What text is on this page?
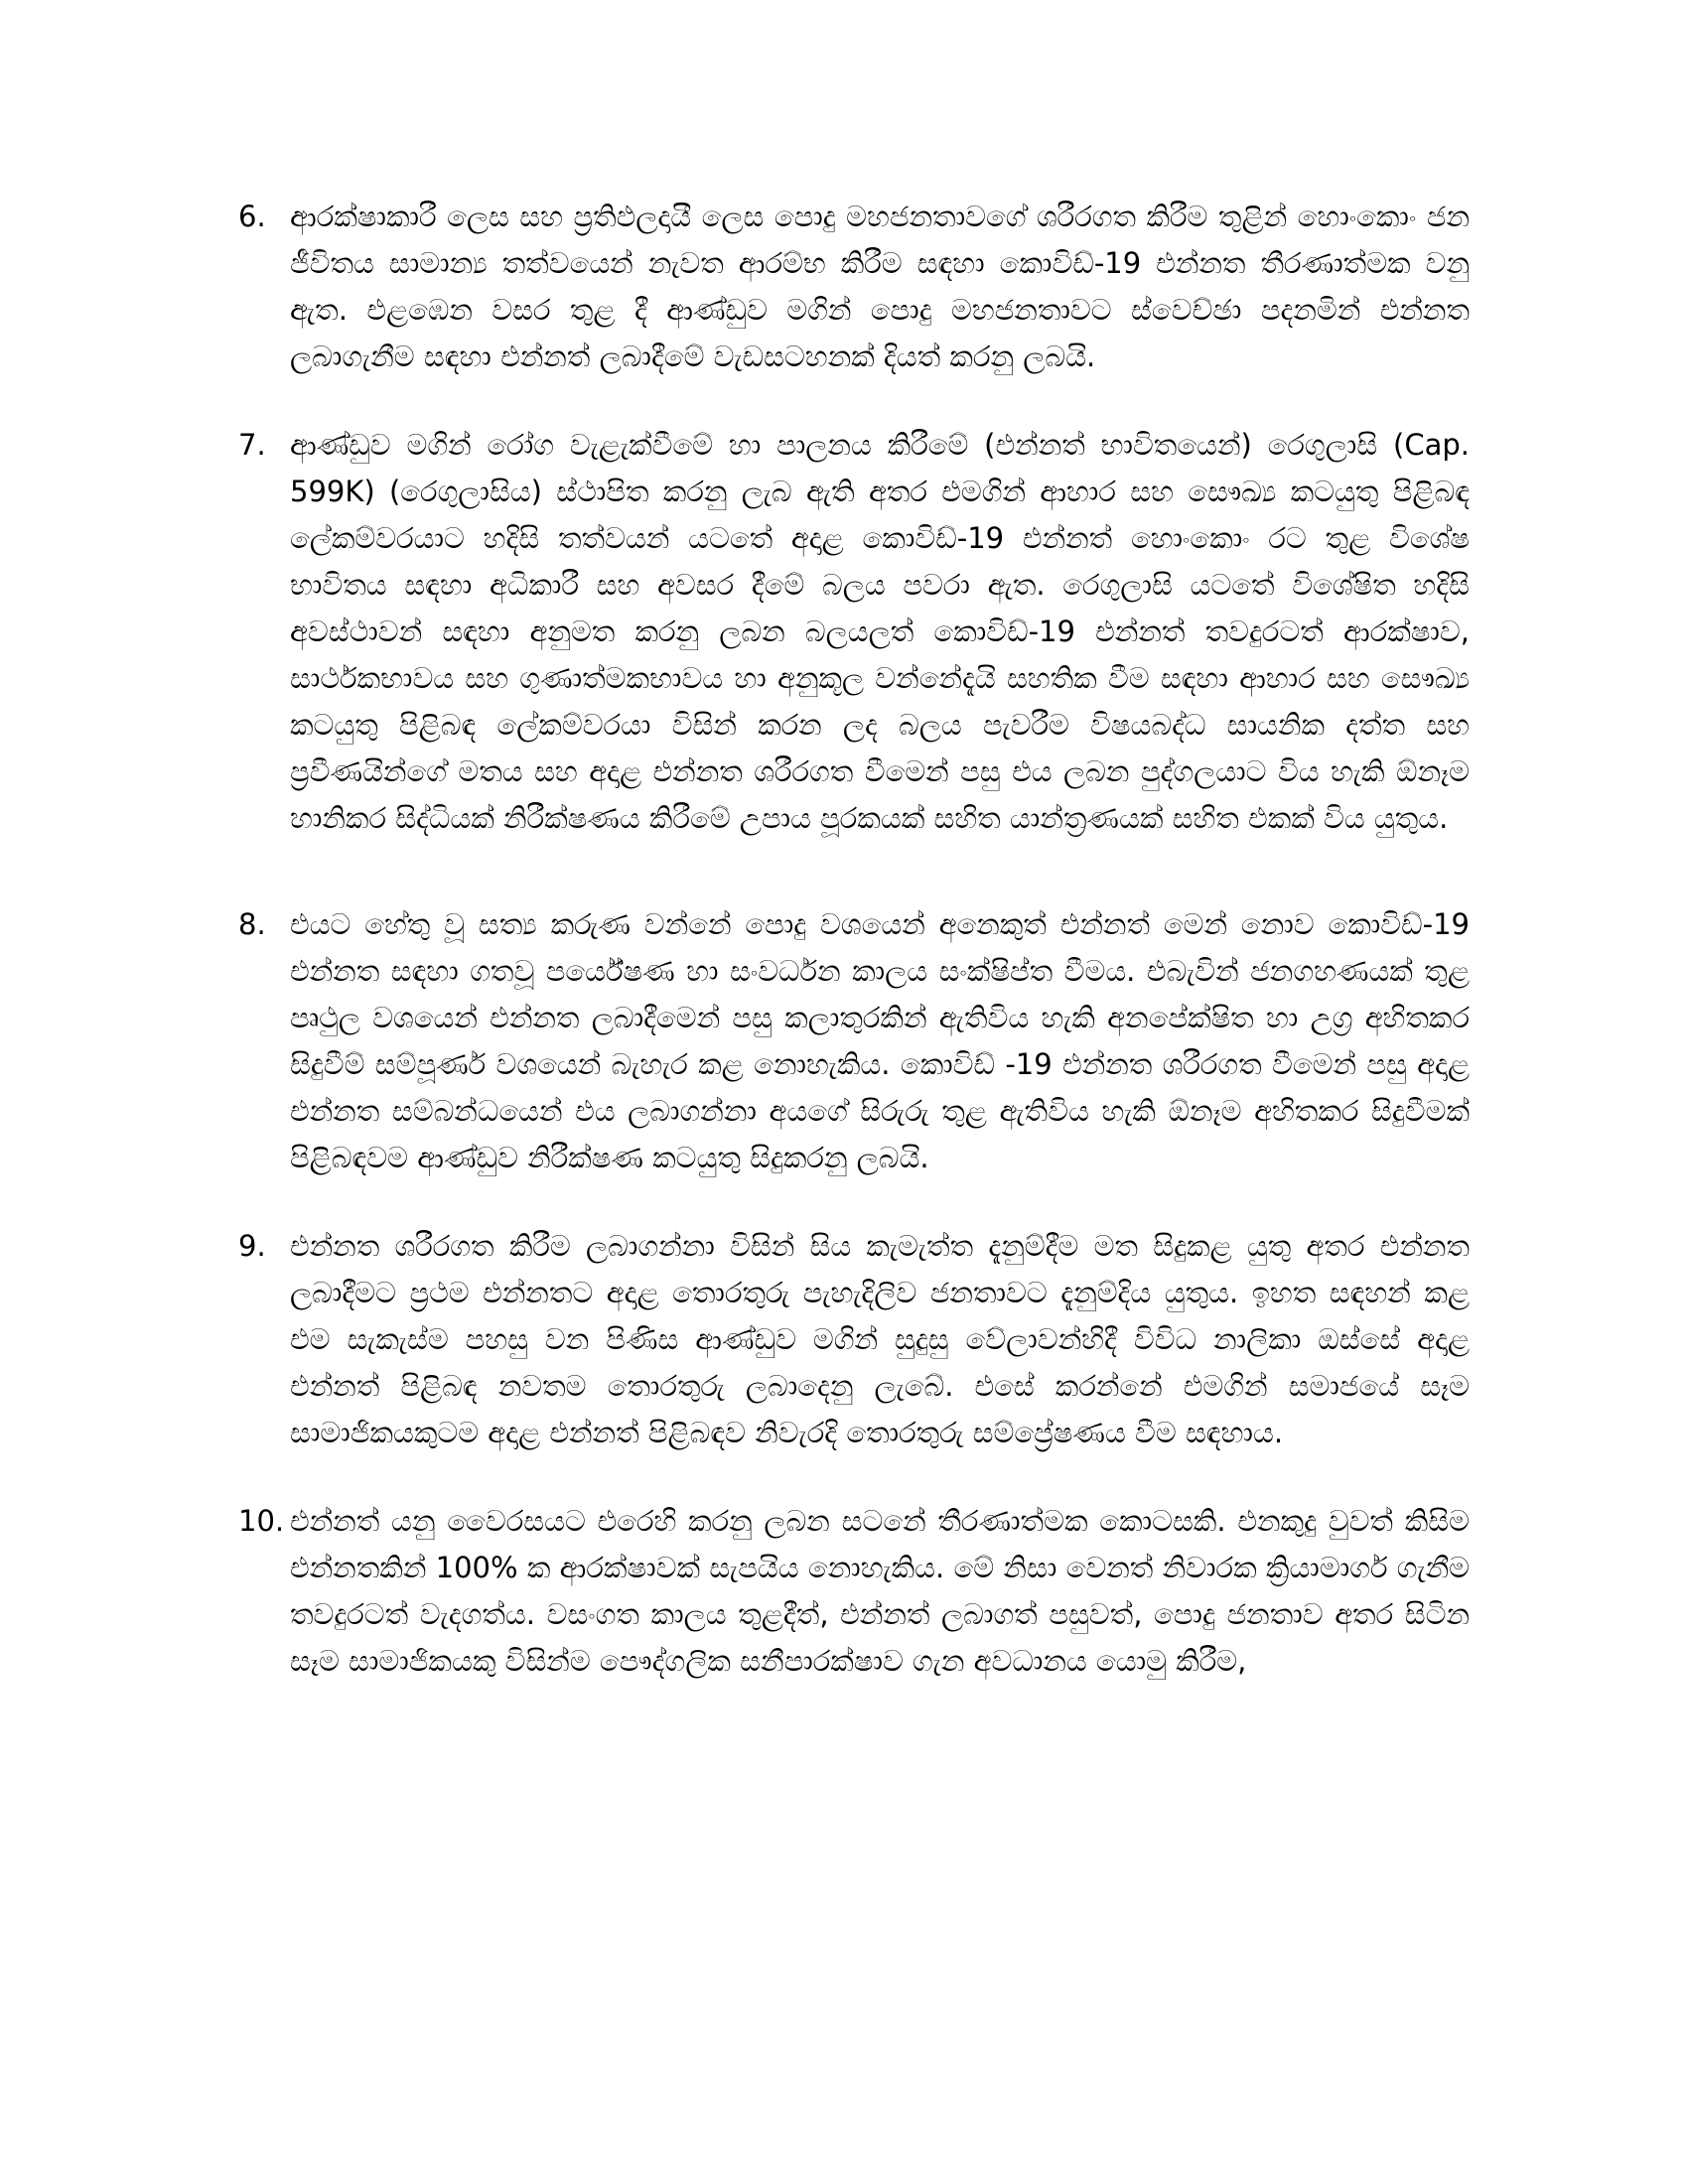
6. ආරක්ෂාකාරී ලෙස සහ ප්‍රතිඵලදායී ලෙස පොදු මහජනතාවගේ ශරීරගත කිරීම තුළින් හොංකොං ජන ජීවිතය සාමාන්‍ය තත්වයෙන් නැවත ආරම්භ කිරීම සඳහා කොවිඩ්-19 එන්නත තීරණාත්මක වනු ඇත. එළඹෙන වසර තුළ දී ආණ්ඩුව මගින් පොදු මහජනතාවට ස්වෙච්ඡා පදනමින් එන්නත ලබාගැනීම සඳහා එන්නත් ලබාදීමේ වැඩසටහනක් දියත් කරනු ලබයි.

7. ආණ්ඩුව මගින් රෝග වැළැක්වීමේ හා පාලනය කිරීමේ (එන්නත් භාවිතයෙන්) රෙගුලාසි (Cap. 599K) (රෙගුලාසිය) ස්ථාපිත කරනු ලැබ ඇති අතර එමගින් ආහාර සහ සෞඛ්‍ය කටයුතු පිළිබඳ ලේකම්වරයාට හදිසි තත්වයන් යටතේ අදාළ කොවිඩ්-19 එන්නත් හොංකොං රට තුළ විශේෂ භාවිතය සඳහා අධිකාරී සහ අවසර දීමේ බලය පවරා ඇත. රෙගුලාසි යටතේ විශේෂිත හදිසි අවස්ථාවන් සඳහා අනුමත කරනු ලබන බලයලත් කොවිඩ්-19 එන්නත් තවදුරටත් ආරක්ෂාව, සාර්ථකභාවය සහ ගුණාත්මකභාවය හා අනුකූල වන්නේදැයි සහතික වීම සඳහා ආහාර සහ සෞඛ්‍ය කටයුතු පිළිබඳ ලේකම්වරයා විසින් කරන ලද බලය පැවරීම විෂයබද්ධ සායනික දත්ත සහ ප්‍රවීණයින්ගේ මතය සහ අදාළ එන්නත ශරීරගත වීමෙන් පසු එය ලබන පුද්ගලයාට විය හැකි ඕනෑම හානිකර සිද්ධියක් නිරීක්ෂණය කිරීමේ උපාය පූරකයක් සහිත යාන්ත්‍රණයක් සහිත එකක් විය යුතුය.

8. එයට හේතු වූ සත්‍ය කරුණ වන්නේ පොදු වශයෙන් අනෙකුත් එන්නත් මෙන් නොව කොවිඩ්-19 එන්නත සඳහා ගතවූ පර්යේෂණ හා සංවර්ධන කාලය සංක්ෂිප්ත වීමය. එබැවින් ජනගහණයක් තුළ පෘථුල වශයෙන් එන්නත ලබාදීමෙන් පසු කලාතුරකින් ඇතිවිය හැකි අනපේක්ෂිත හා උග්‍ර අහිතකර සිදුවීම් සම්පූර්ණ වශයෙන් බැහැර කළ නොහැකිය. කොවිඩ් -19 එන්නත ශරීරගත වීමෙන් පසු අදාළ එන්නත සම්බන්ධයෙන් එය ලබාගන්නා අයගේ සිරුරු තුළ ඇතිවිය හැකි ඕනෑම අහිතකර සිදුවීමක් පිළිබඳවම ආණ්ඩුව නිරීක්ෂණ කටයුතු සිදුකරනු ලබයි.

9. එන්නත ශරීරගත කිරීම ලබාගන්නා විසින් සිය කැමැත්ත දැනුම්දීම මත සිදුකළ යුතු අතර එන්නත ලබාදීමට ප්‍රථම එන්නතට අදාළ තොරතුරු පැහැදිලිව ජනතාවට දැනුම්දිය යුතුය. ඉහත සඳහන් කළ එම සැකැස්ම පහසු වන පිණිස ආණ්ඩුව මගින් සුදුසු වේලාවන්හිදී විවිධ නාලිකා ඔස්සේ අදාළ එන්නත් පිළිබඳ නවතම තොරතුරු ලබාදෙනු ලැබේ. එසේ කරන්නේ එමගින් සමාජයේ සෑම සාමාජිකයකුටම අදාළ එන්නත් පිළිබඳව නිවැරදි තොරතුරු සම්ප්‍රේෂණය වීම සඳහාය.

10. එන්නත් යනු වෛරසයට එරෙහි කරනු ලබන සටනේ තීරණාත්මක කොටසකි. එනකුදු වුවත් කිසිම එන්නතකින් 100% ක ආරක්ෂාවක් සැපයිය නොහැකිය. මේ නිසා වෙනත් නිවාරක ක්‍රියාමාර්ග ගැනීම තවදුරටත් වැදගත්ය. වසංගත කාලය තුළදීත්, එන්නත් ලබාගත් පසුවත්, පොදු ජනතාව අතර සිටින සෑම සාමාජිකයකු විසින්ම පෞද්ගලික සනීපාරක්ෂාව ගැන අවධානය යොමු කිරීම,
